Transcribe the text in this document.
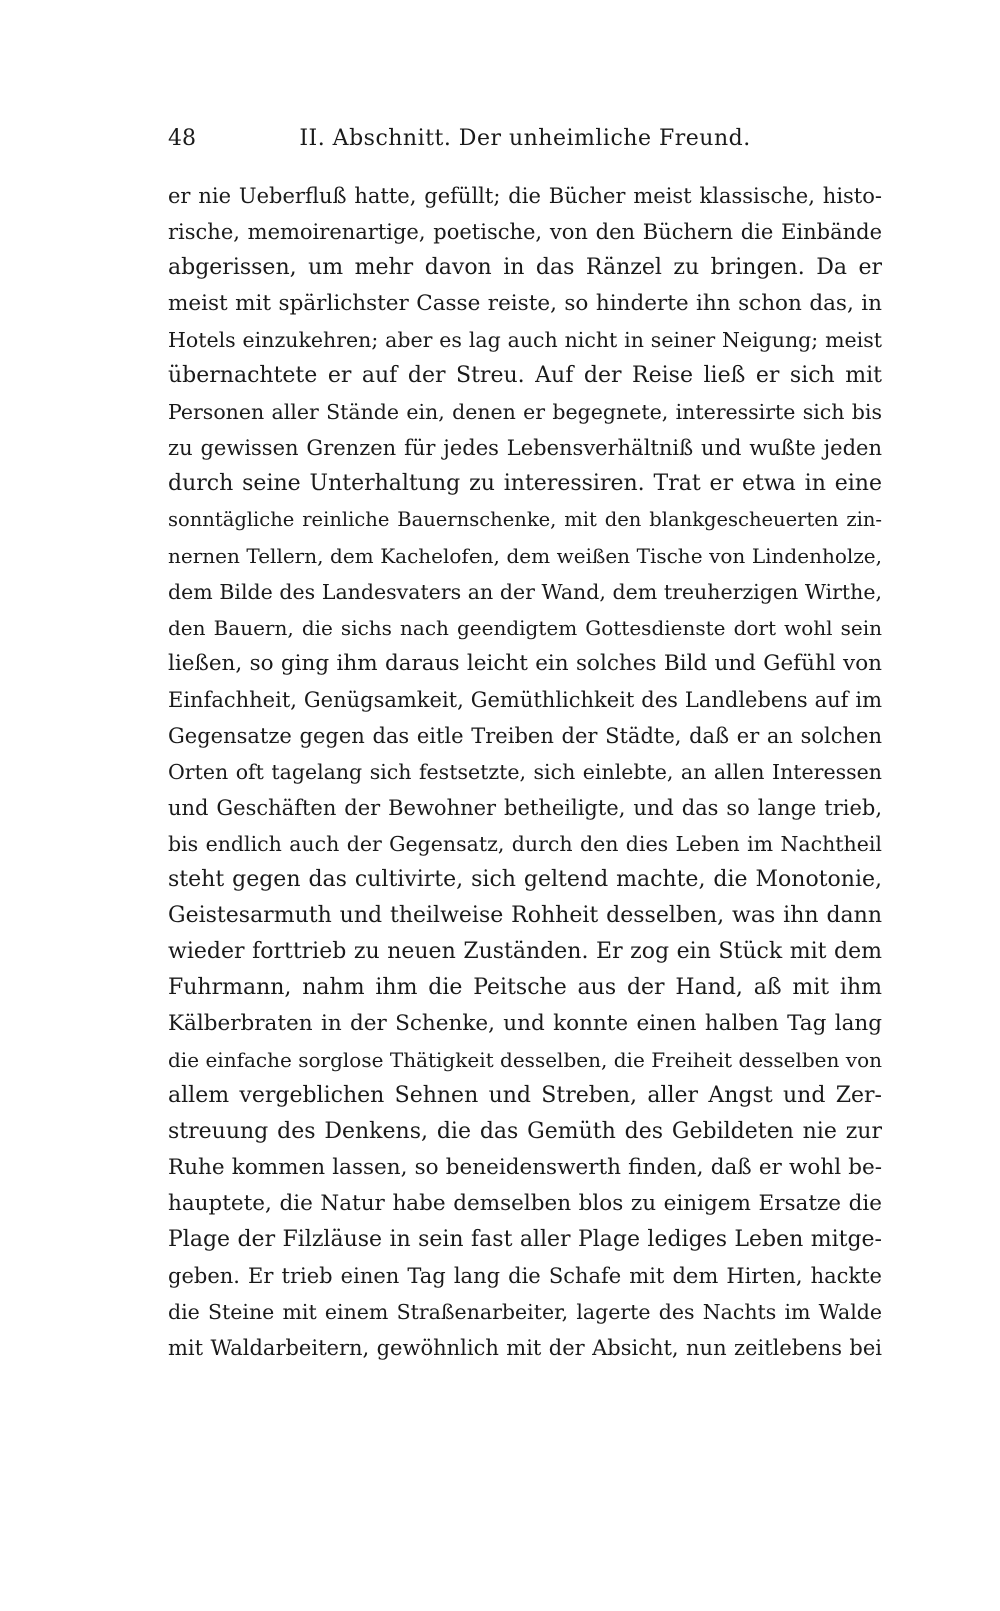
48	II. Abschnitt. Der unheimliche Freund.
er nie Ueberfluß hatte, gefüllt; die Bücher meist klassische, histo-
rische, memoirenartige, poetische, von den Büchern die Einbände
abgerissen, um mehr davon in das Ränzel zu bringen. Da er
meist mit spärlichster Casse reiste, so hinderte ihn schon das, in
Hotels einzukehren; aber es lag auch nicht in seiner Neigung; meist
übernachtete er auf der Streu. Auf der Reise ließ er sich mit
Personen aller Stände ein, denen er begegnete, interessirte sich bis
zu gewissen Grenzen für jedes Lebensverhältniß und wußte jeden
durch seine Unterhaltung zu interessiren. Trat er etwa in eine
sonntägliche reinliche Bauernschenke, mit den blankgescheuerten zin-
nernen Tellern, dem Kachelofen, dem weißen Tische von Lindenholze,
dem Bilde des Landesvaters an der Wand, dem treuherzigen Wirthe,
den Bauern, die sichs nach geendigtem Gottesdienste dort wohl sein
ließen, so ging ihm daraus leicht ein solches Bild und Gefühl von
Einfachheit, Genügsamkeit, Gemüthlichkeit des Landlebens auf im
Gegensatze gegen das eitle Treiben der Städte, daß er an solchen
Orten oft tagelang sich festsetzte, sich einlebte, an allen Interessen
und Geschäften der Bewohner betheiligte, und das so lange trieb,
bis endlich auch der Gegensatz, durch den dies Leben im Nachtheil
steht gegen das cultivirte, sich geltend machte, die Monotonie,
Geistesarmuth und theilweise Rohheit desselben, was ihn dann
wieder forttrieb zu neuen Zuständen. Er zog ein Stück mit dem
Fuhrmann, nahm ihm die Peitsche aus der Hand, aß mit ihm
Kälberbraten in der Schenke, und konnte einen halben Tag lang
die einfache sorglose Thätigkeit desselben, die Freiheit desselben von
allem vergeblichen Sehnen und Streben, aller Angst und Zer-
streuung des Denkens, die das Gemüth des Gebildeten nie zur
Ruhe kommen lassen, so beneidenswerth finden, daß er wohl be-
hauptete, die Natur habe demselben blos zu einigem Ersatze die
Plage der Filzläuse in sein fast aller Plage lediges Leben mitge-
geben. Er trieb einen Tag lang die Schafe mit dem Hirten, hackte
die Steine mit einem Straßenarbeiter, lagerte des Nachts im Walde
mit Waldarbeitern, gewöhnlich mit der Absicht, nun zeitlebens bei
